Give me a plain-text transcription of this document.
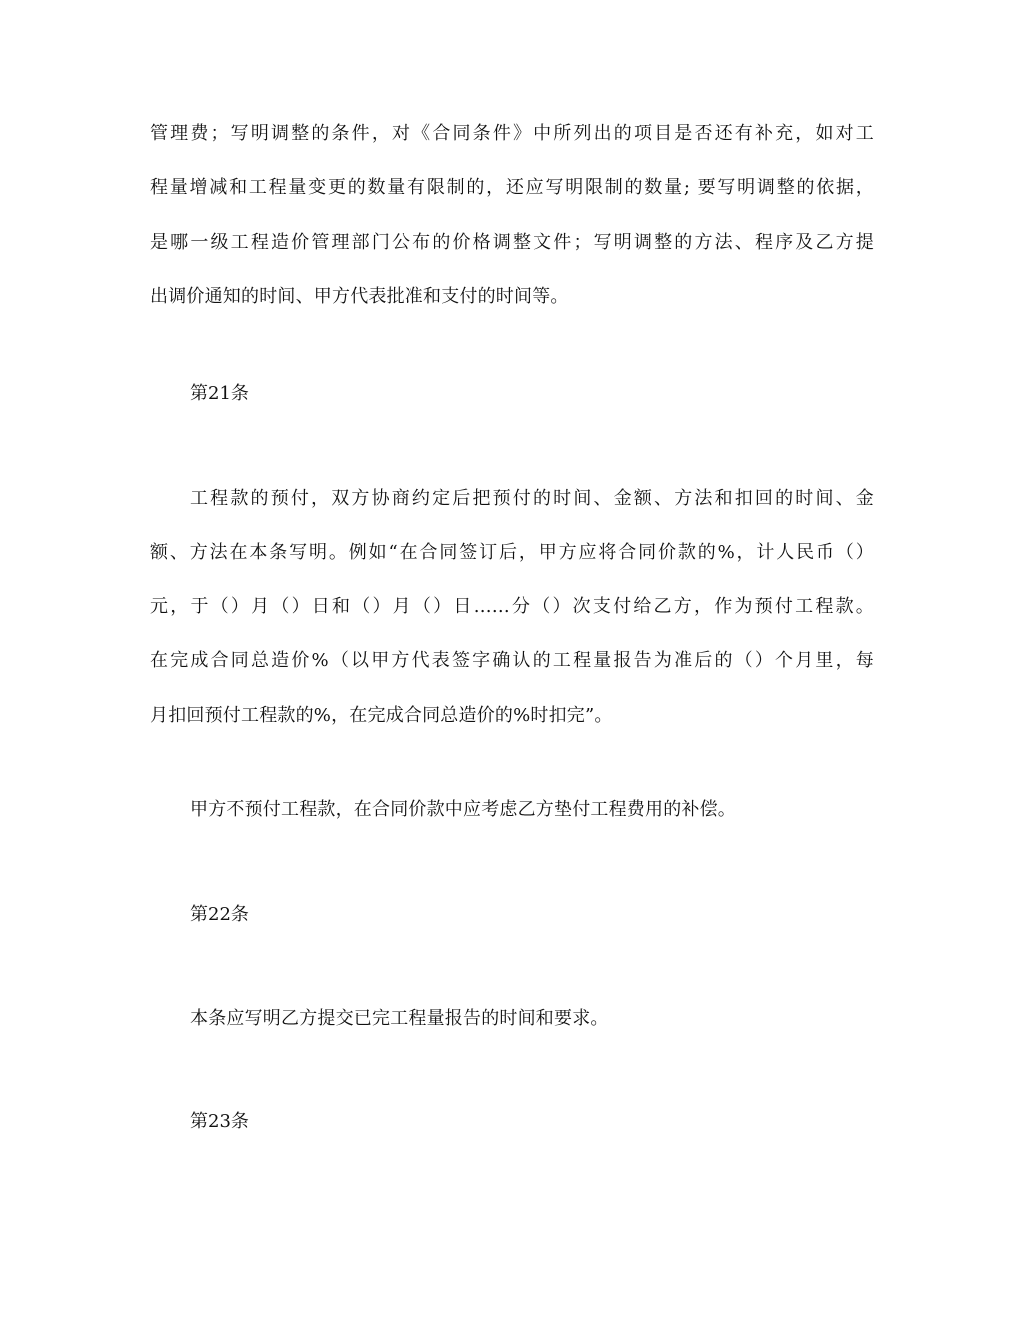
管理费；写明调整的条件，对《合同条件》中所列出的项目是否还有补充，如对工
程量增减和工程量变更的数量有限制的，还应写明限制的数量; 要写明调整的依据，
是哪一级工程造价管理部门公布的价格调整文件；写明调整的方法、程序及乙方提
出调价通知的时间、甲方代表批准和支付的时间等。
第21条
工程款的预付，双方协商约定后把预付的时间、金额、方法和扣回的时间、金
额、方法在本条写明。例如“在合同签订后，甲方应将合同价款的%，计人民币（）
元，于（）月（）日和（）月（）日……分（）次支付给乙方，作为预付工程款。
在完成合同总造价%（以甲方代表签字确认的工程量报告为准后的（）个月里，每
月扣回预付工程款的%，在完成合同总造价的%时扣完”。
甲方不预付工程款，在合同价款中应考虑乙方垫付工程费用的补偿。
第22条
本条应写明乙方提交已完工程量报告的时间和要求。
第23条
